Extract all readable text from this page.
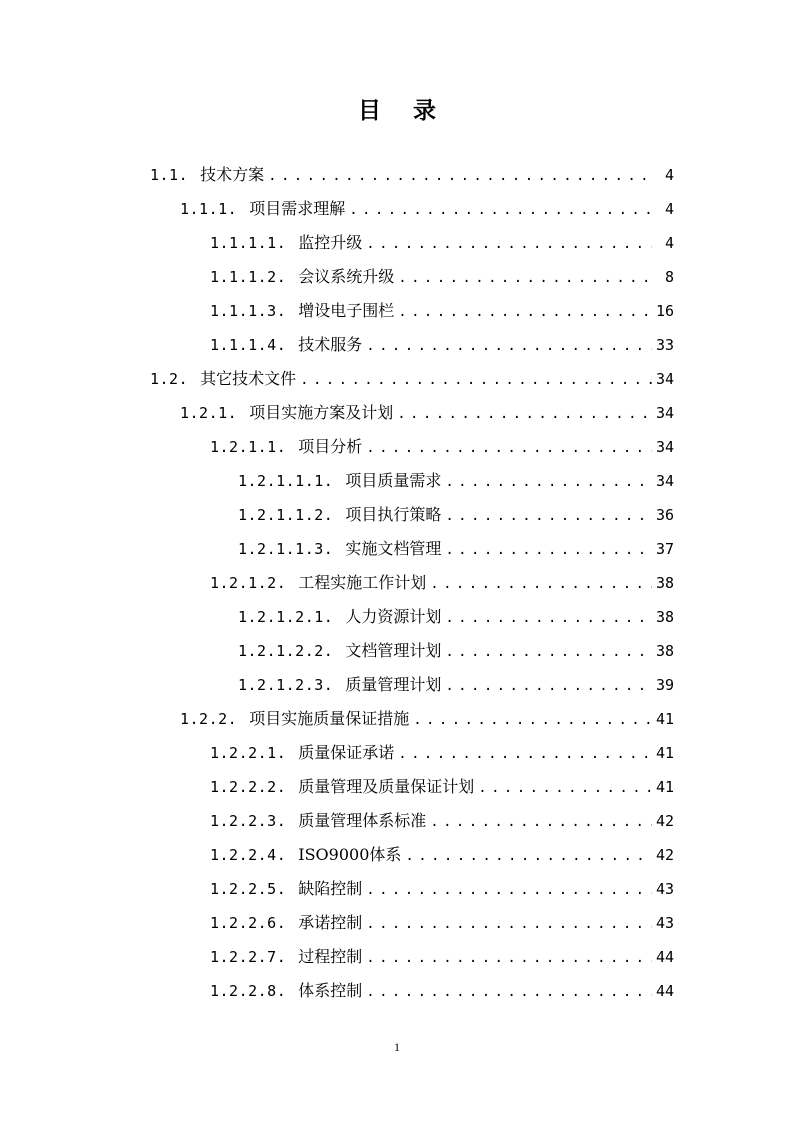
目 录
1.1. 技术方案 .....	4
1.1.1. 项目需求理解 .....	4
1.1.1.1. 监控升级 .....	4
1.1.1.2. 会议系统升级 .....	8
1.1.1.3. 增设电子围栏 .....	16
1.1.1.4. 技术服务 .....	33
1.2. 其它技术文件 .....	34
1.2.1. 项目实施方案及计划 .....	34
1.2.1.1. 项目分析 .....	34
1.2.1.1.1. 项目质量需求 .....	34
1.2.1.1.2. 项目执行策略 .....	36
1.2.1.1.3. 实施文档管理 .....	37
1.2.1.2. 工程实施工作计划 .....	38
1.2.1.2.1. 人力资源计划 .....	38
1.2.1.2.2. 文档管理计划 .....	38
1.2.1.2.3. 质量管理计划 .....	39
1.2.2. 项目实施质量保证措施 .....	41
1.2.2.1. 质量保证承诺 .....	41
1.2.2.2. 质量管理及质量保证计划 .....	41
1.2.2.3. 质量管理体系标准 .....	42
1.2.2.4. ISO9000体系 .....	42
1.2.2.5. 缺陷控制 .....	43
1.2.2.6. 承诺控制 .....	43
1.2.2.7. 过程控制 .....	44
1.2.2.8. 体系控制 .....	44
1
